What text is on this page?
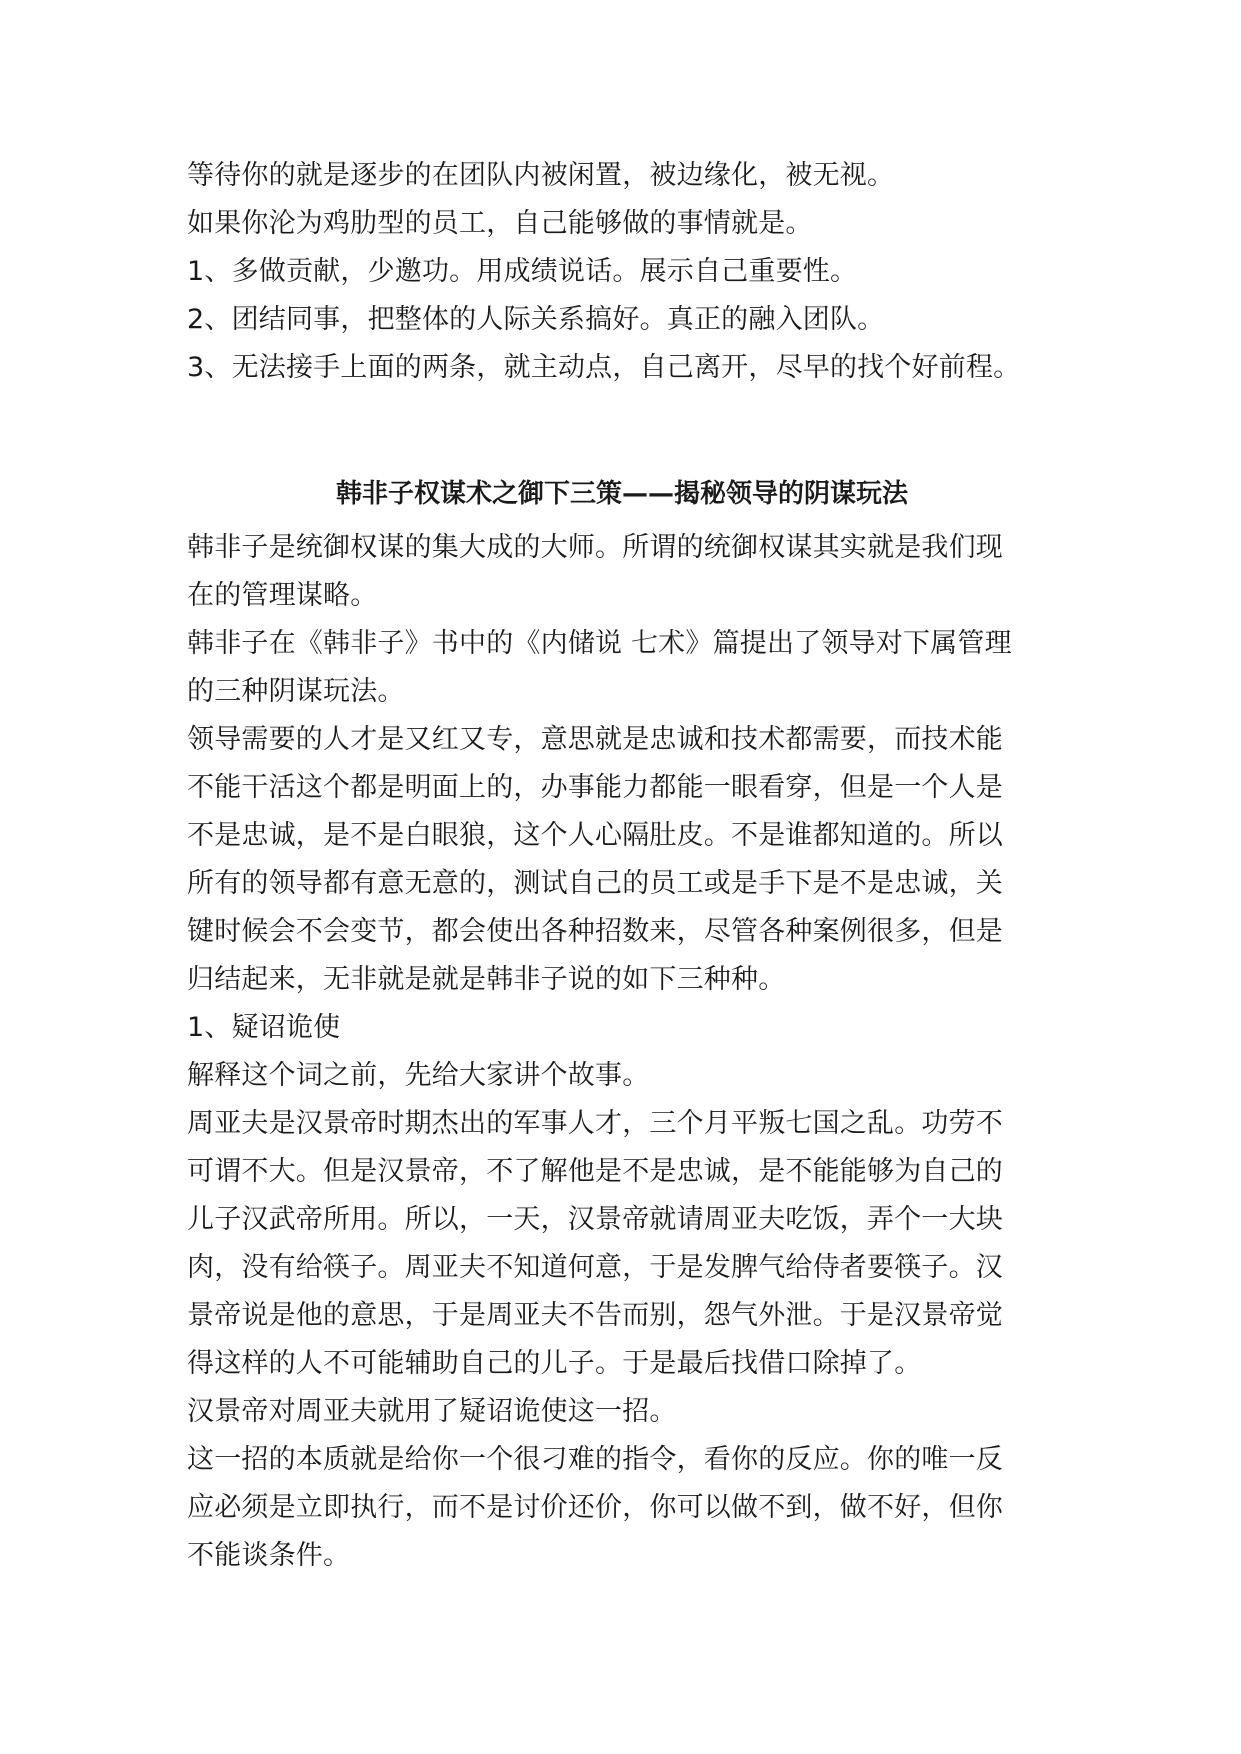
等待你的就是逐步的在团队内被闲置，被边缘化，被无视。
如果你沦为鸡肋型的员工，自己能够做的事情就是。
1、多做贡献，少邀功。用成绩说话。展示自己重要性。
2、团结同事，把整体的人际关系搞好。真正的融入团队。
3、无法接手上面的两条，就主动点，自己离开，尽早的找个好前程。
韩非子权谋术之御下三策——揭秘领导的阴谋玩法
韩非子是统御权谋的集大成的大师。所谓的统御权谋其实就是我们现
在的管理谋略。
韩非子在《韩非子》书中的《内储说 七术》篇提出了领导对下属管理
的三种阴谋玩法。
领导需要的人才是又红又专，意思就是忠诚和技术都需要，而技术能
不能干活这个都是明面上的，办事能力都能一眼看穿，但是一个人是
不是忠诚，是不是白眼狼，这个人心隔肚皮。不是谁都知道的。所以
所有的领导都有意无意的，测试自己的员工或是手下是不是忠诚，关
键时候会不会变节，都会使出各种招数来，尽管各种案例很多，但是
归结起来，无非就是就是韩非子说的如下三种种。
1、疑诏诡使
解释这个词之前，先给大家讲个故事。
周亚夫是汉景帝时期杰出的军事人才，三个月平叛七国之乱。功劳不
可谓不大。但是汉景帝，不了解他是不是忠诚，是不能能够为自己的
儿子汉武帝所用。所以，一天，汉景帝就请周亚夫吃饭，弄个一大块
肉，没有给筷子。周亚夫不知道何意，于是发脾气给侍者要筷子。汉
景帝说是他的意思，于是周亚夫不告而别，怨气外泄。于是汉景帝觉
得这样的人不可能辅助自己的儿子。于是最后找借口除掉了。
汉景帝对周亚夫就用了疑诏诡使这一招。
这一招的本质就是给你一个很刁难的指令，看你的反应。你的唯一反
应必须是立即执行，而不是讨价还价，你可以做不到，做不好，但你
不能谈条件。
